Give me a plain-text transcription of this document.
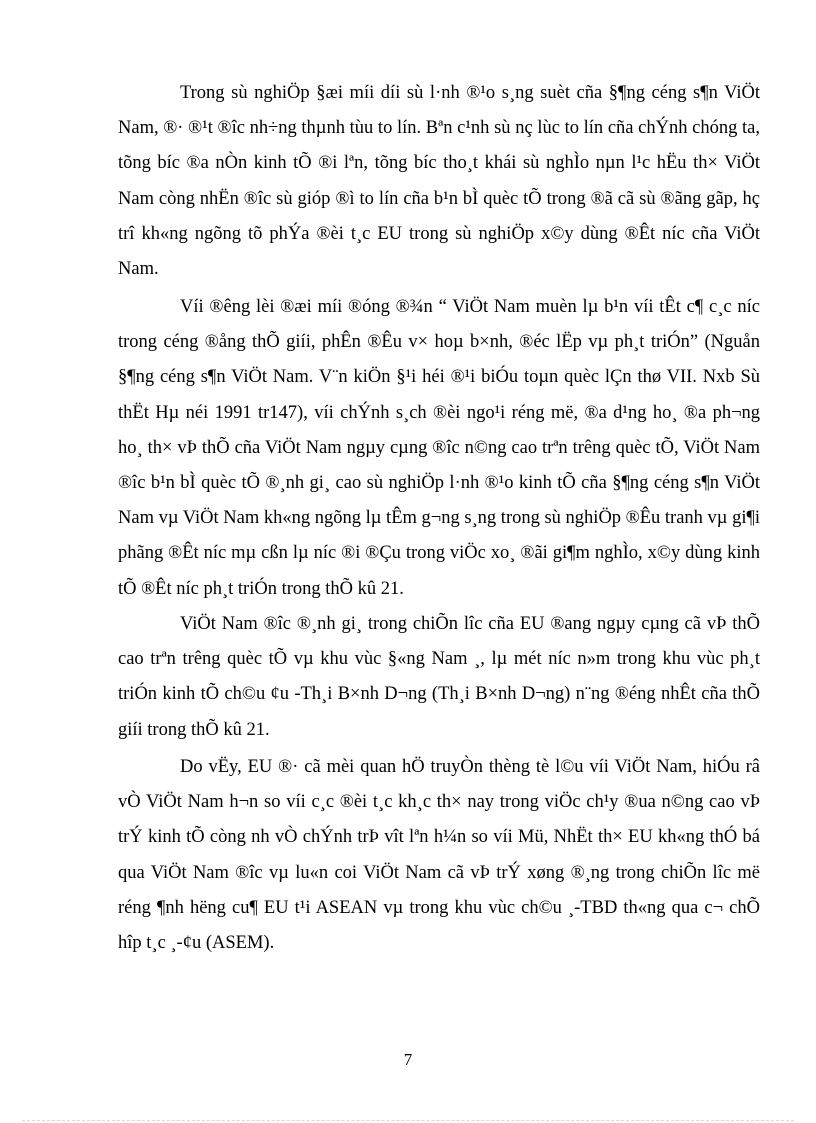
Trong sù nghiÖp §æi míi díi sù l·nh ®¹o s¸ng suèt cña §¶ng céng s¶n ViÖt Nam, ®· ®¹t ®îc nh÷ng thµnh tùu to lín. Bªn c¹nh sù nç lùc to lín cña chÝnh chóng ta, tõng bíc ®a nÒn kinh tÕ ®i lªn, tõng bíc tho¸t khái sù nghÌo nµn l¹c hËu th× ViÖt Nam còng nhËn ®îc sù gióp ®ì to lín cña b¹n bÌ quèc tÕ trong ®ã cã sù ®ãng gãp, hç trî kh«ng ngõng tõ phÝa ®èi t¸c EU trong sù nghiÖp x©y dùng ®Êt níc cña ViÖt Nam.

Víi ®êng lèi ®æi míi ®óng ®¾n “ ViÖt Nam muèn lµ b¹n víi tÊt c¶ c¸c níc trong céng ®ång thÕ giíi, phÊn ®Êu v× hoµ b×nh, ®éc lËp vµ ph¸t triÓn” (Nguån §¶ng céng s¶n ViÖt Nam. V¨n kiÖn §¹i héi ®¹i biÓu toµn quèc lÇn thø VII. Nxb Sù thËt Hµ néi 1991 tr147), víi chÝnh s¸ch ®èi ngo¹i réng më, ®a d¹ng ho¸ ®a ph¬ng ho¸ th× vÞ thÕ cña ViÖt Nam ngµy cµng ®îc n©ng cao trªn trêng quèc tÕ, ViÖt Nam ®îc b¹n bÌ quèc tÕ ®¸nh gi¸ cao sù nghiÖp l·nh ®¹o kinh tÕ cña §¶ng céng s¶n ViÖt Nam vµ ViÖt Nam kh«ng ngõng lµ tÊm g¬ng s¸ng trong sù nghiÖp ®Êu tranh vµ gi¶i phãng ®Êt níc mµ cßn lµ níc ®i ®Çu trong viÖc xo¸ ®ãi gi¶m nghÌo, x©y dùng kinh tÕ ®Êt níc ph¸t triÓn trong thÕ kû 21.

ViÖt Nam ®îc ®¸nh gi¸ trong chiÕn lîc cña EU ®ang ngµy cµng cã vÞ thÕ cao trªn trêng quèc tÕ vµ khu vùc §«ng Nam ¸, lµ mét níc n»m trong khu vùc ph¸t triÓn kinh tÕ ch©u ¢u -Th¸i B×nh D¬ng (Th¸i B×nh D¬ng) n¨ng ®éng nhÊt cña thÕ giíi trong thÕ kû 21.

Do vËy, EU ®· cã mèi quan hÖ truyÒn thèng tè l©u víi ViÖt Nam, hiÓu râ vÒ ViÖt Nam h¬n so víi c¸c ®èi t¸c kh¸c th× nay trong viÖc ch¹y ®ua n©ng cao vÞ trÝ kinh tÕ còng nh vÒ chÝnh trÞ vît lªn h¼n so víi Mü, NhËt th× EU kh«ng thÓ bá qua ViÖt Nam ®îc vµ lu«n coi ViÖt Nam cã vÞ trÝ xøng ®¸ng trong chiÕn lîc më réng ¶nh hëng cu¶ EU t¹i ASEAN vµ trong khu vùc ch©u ¸-TBD th«ng qua c¬ chÕ hîp t¸c ¸-¢u (ASEM).

7
